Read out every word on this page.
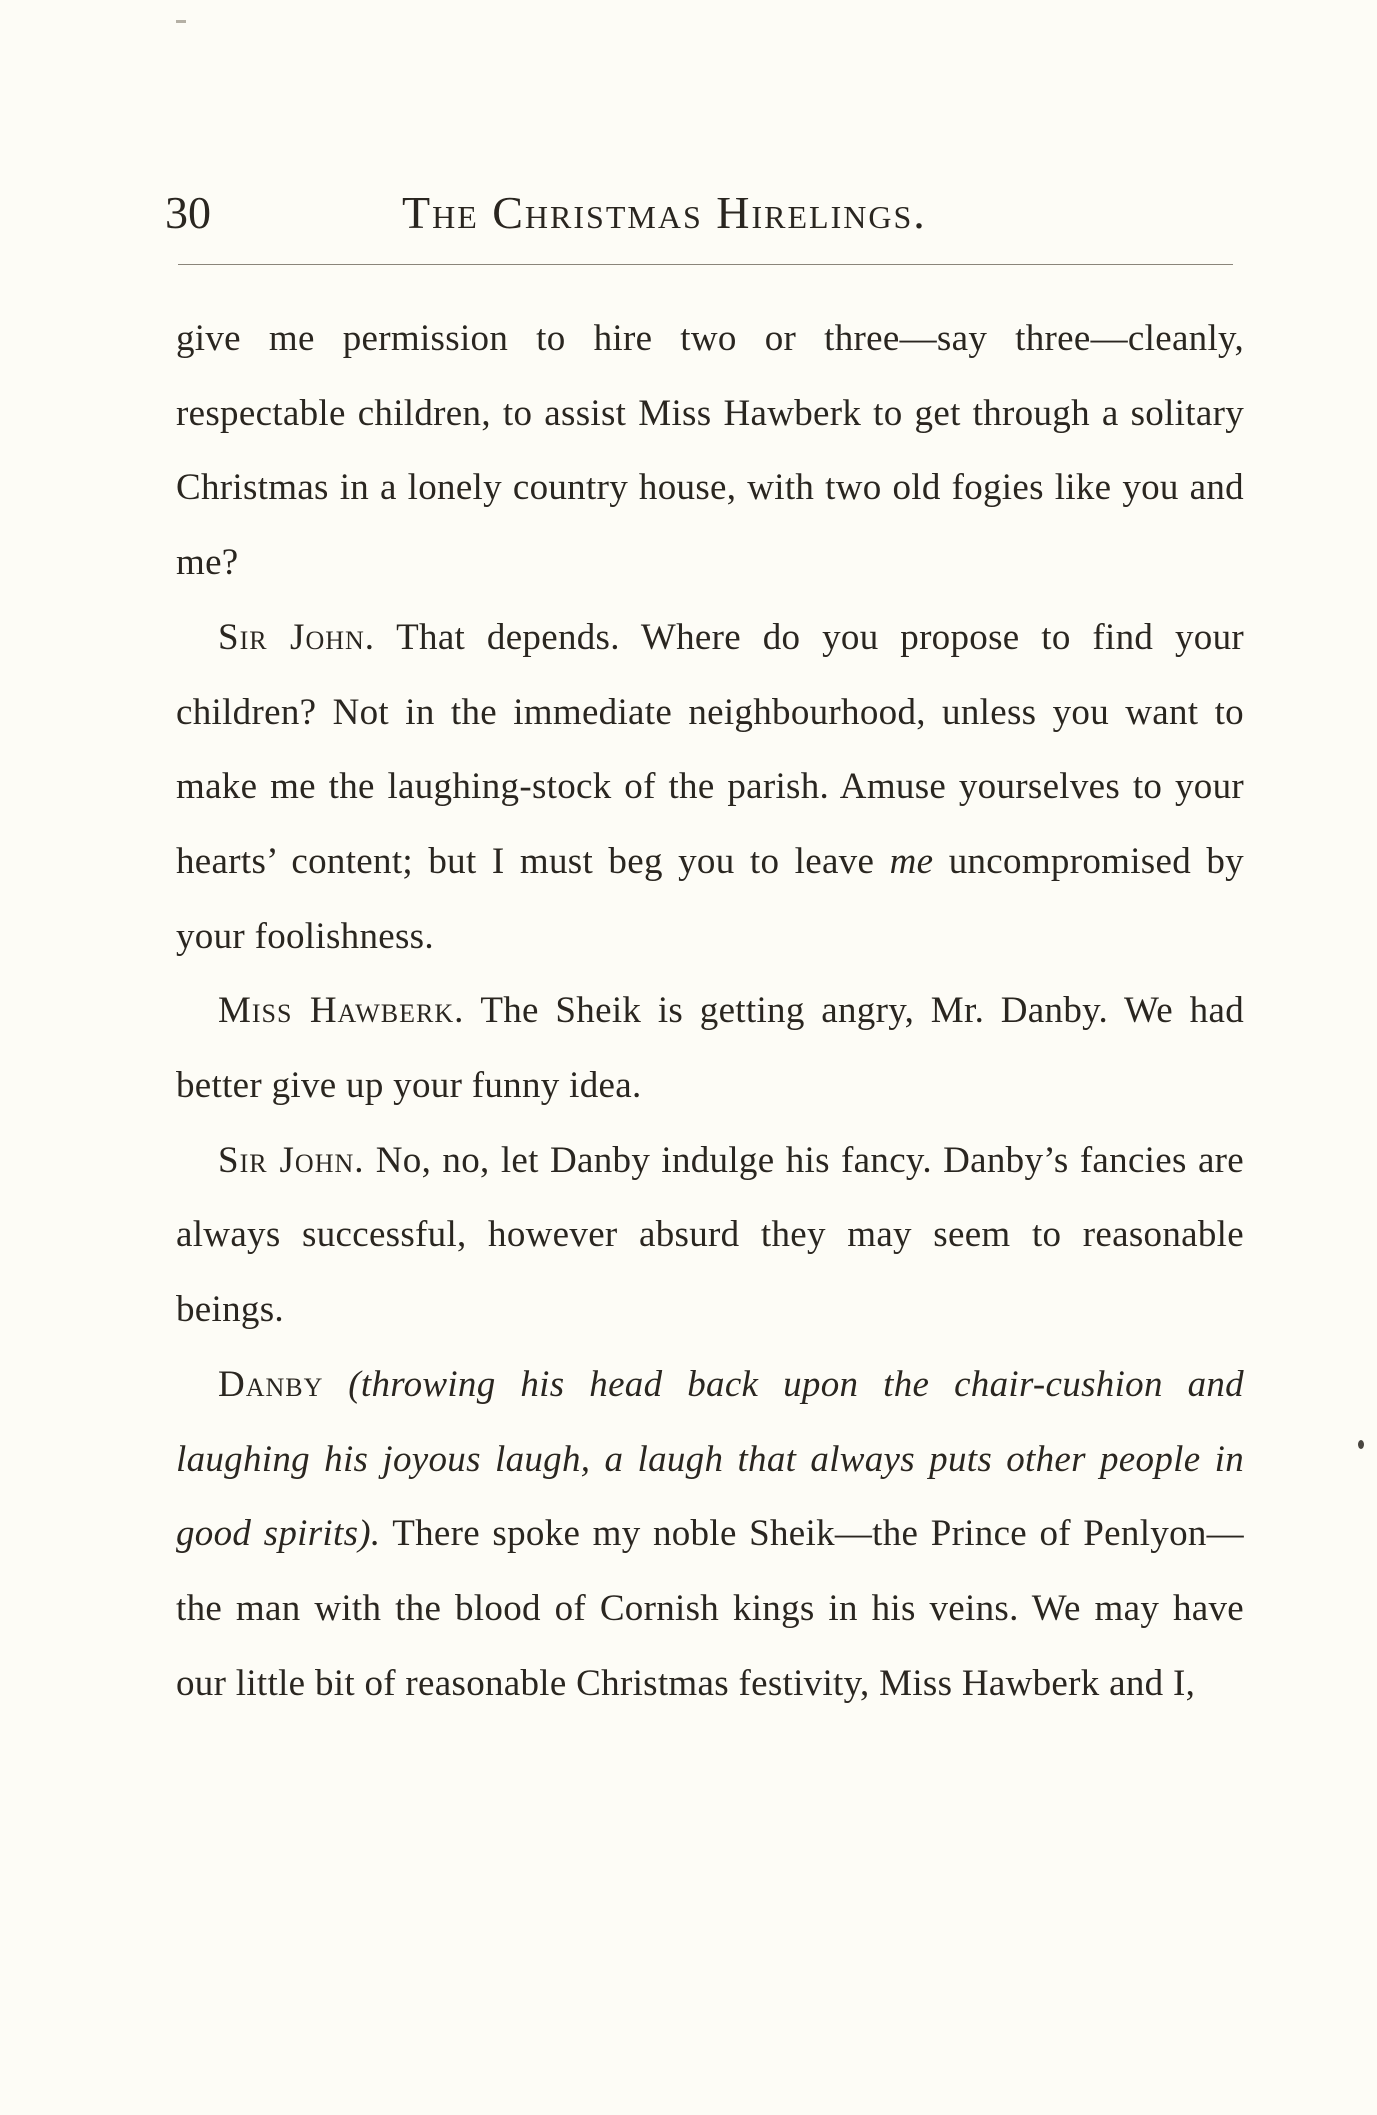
30	The Christmas Hirelings.

give me permission to hire two or three—say three—cleanly, respectable children, to assist Miss Hawberk to get through a solitary Christmas in a lonely country house, with two old fogies like you and me?

Sir John. That depends. Where do you propose to find your children? Not in the immediate neighbourhood, unless you want to make me the laughing-stock of the parish. Amuse yourselves to your hearts’ content; but I must beg you to leave me uncompromised by your foolishness.

Miss Hawberk. The Sheik is getting angry, Mr. Danby. We had better give up your funny idea.

Sir John. No, no, let Danby indulge his fancy. Danby’s fancies are always successful, however absurd they may seem to reasonable beings.

Danby (throwing his head back upon the chair-cushion and laughing his joyous laugh, a laugh that always puts other people in good spirits). There spoke my noble Sheik—the Prince of Penlyon—the man with the blood of Cornish kings in his veins. We may have our little bit of reasonable Christmas festivity, Miss Hawberk and I,
